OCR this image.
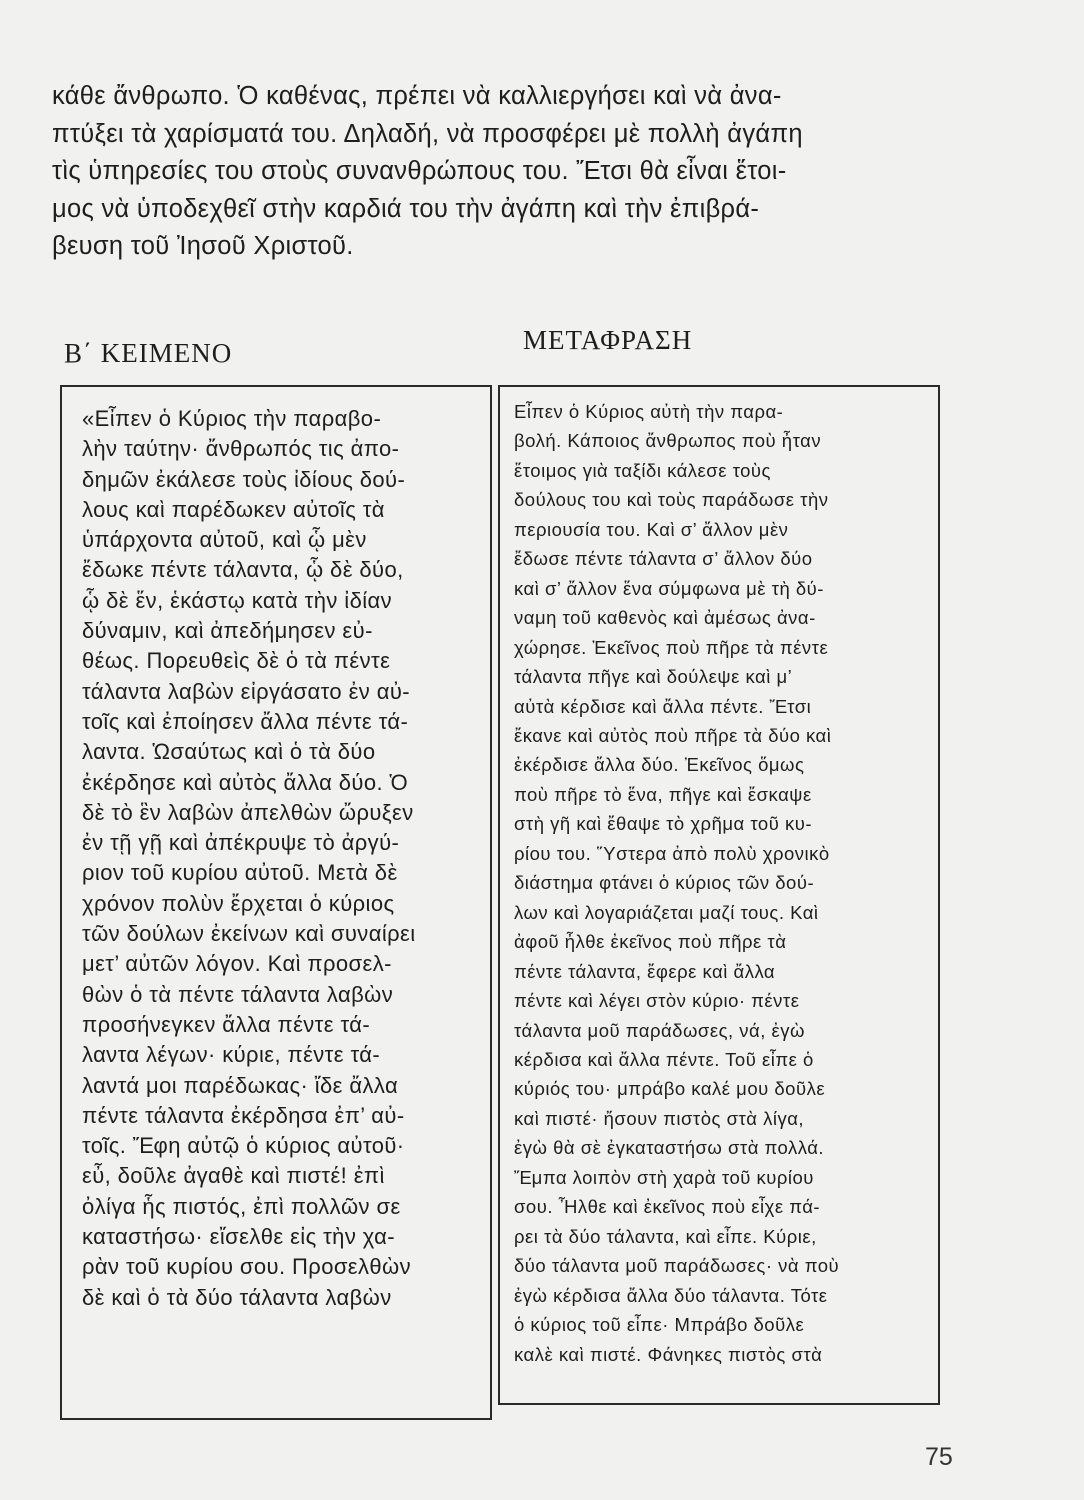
κάθε ἄνθρωπο. Ὁ καθένας, πρέπει νὰ καλλιεργήσει καὶ νὰ ἀνα-
πτύξει τὰ χαρίσματά του. Δηλαδή, νὰ προσφέρει μὲ πολλὴ ἀγάπη
τὶς ὑπηρεσίες του στοὺς συνανθρώπους του. Ἔτσι θὰ εἶναι ἕτοι-
μος νὰ ὑποδεχθεῖ στὴν καρδιά του τὴν ἀγάπη καὶ τὴν ἐπιβρά-
βευση τοῦ Ἰησοῦ Χριστοῦ.
Β΄ ΚΕΙΜΕΝΟ	ΜΕΤΑΦΡΑΣΗ
«Εἶπεν ὁ Κύριος τὴν παραβο-
λὴν ταύτην· ἄνθρωπός τις ἀπο-
δημῶν ἐκάλεσε τοὺς ἰδίους δού-
λους καὶ παρέδωκεν αὐτοῖς τὰ
ὑπάρχοντα αὐτοῦ, καὶ ᾧ μὲν
ἔδωκε πέντε τάλαντα, ᾧ δὲ δύο,
ᾧ δὲ ἕν, ἑκάστῳ κατὰ τὴν ἰδίαν
δύναμιν, καὶ ἀπεδήμησεν εὐ-
θέως. Πορευθεὶς δὲ ὁ τὰ πέντε
τάλαντα λαβὼν εἰργάσατο ἐν αὐ-
τοῖς καὶ ἐποίησεν ἄλλα πέντε τά-
λαντα. Ὡσαύτως καὶ ὁ τὰ δύο
ἐκέρδησε καὶ αὐτὸς ἄλλα δύο. Ὁ
δὲ τὸ ἓν λαβὼν ἀπελθὼν ὤρυξεν
ἐν τῇ γῇ καὶ ἀπέκρυψε τὸ ἀργύ-
ριον τοῦ κυρίου αὐτοῦ. Μετὰ δὲ
χρόνον πολὺν ἔρχεται ὁ κύριος
τῶν δούλων ἐκείνων καὶ συναίρει
μετ’ αὐτῶν λόγον. Καὶ προσελ-
θὼν ὁ τὰ πέντε τάλαντα λαβὼν
προσήνεγκεν ἄλλα πέντε τά-
λαντα λέγων· κύριε, πέντε τά-
λαντά μοι παρέδωκας· ἴδε ἄλλα
πέντε τάλαντα ἐκέρδησα ἐπ’ αὐ-
τοῖς. Ἔφη αὐτῷ ὁ κύριος αὐτοῦ·
εὖ, δοῦλε ἀγαθὲ καὶ πιστέ! ἐπὶ
ὀλίγα ἧς πιστός, ἐπὶ πολλῶν σε
καταστήσω· εἴσελθε εἰς τὴν χα-
ρὰν τοῦ κυρίου σου. Προσελθὼν
δὲ καὶ ὁ τὰ δύο τάλαντα λαβὼν
Εἶπεν ὁ Κύριος αὐτὴ τὴν παρα-
βολή. Κάποιος ἄνθρωπος ποὺ ἦταν
ἕτοιμος γιὰ ταξίδι κάλεσε τοὺς
δούλους του καὶ τοὺς παράδωσε τὴν
περιουσία του. Καὶ σ’ ἄλλον μὲν
ἔδωσε πέντε τάλαντα σ’ ἄλλον δύο
καὶ σ’ ἄλλον ἕνα σύμφωνα μὲ τὴ δύ-
ναμη τοῦ καθενὸς καὶ ἀμέσως ἀνα-
χώρησε. Ἐκεῖνος ποὺ πῆρε τὰ πέντε
τάλαντα πῆγε καὶ δούλεψε καὶ μ’
αὐτὰ κέρδισε καὶ ἄλλα πέντε. Ἔτσι
ἔκανε καὶ αὐτὸς ποὺ πῆρε τὰ δύο καὶ
ἐκέρδισε ἄλλα δύο. Ἐκεῖνος ὅμως
ποὺ πῆρε τὸ ἕνα, πῆγε καὶ ἔσκαψε
στὴ γῆ καὶ ἔθαψε τὸ χρῆμα τοῦ κυ-
ρίου του. Ὕστερα ἀπὸ πολὺ χρονικὸ
διάστημα φτάνει ὁ κύριος τῶν δού-
λων καὶ λογαριάζεται μαζί τους. Καὶ
ἀφοῦ ἦλθε ἐκεῖνος ποὺ πῆρε τὰ
πέντε τάλαντα, ἔφερε καὶ ἄλλα
πέντε καὶ λέγει στὸν κύριο· πέντε
τάλαντα μοῦ παράδωσες, νά, ἐγὼ
κέρδισα καὶ ἄλλα πέντε. Τοῦ εἶπε ὁ
κύριός του· μπράβο καλέ μου δοῦλε
καὶ πιστέ· ἤσουν πιστὸς στὰ λίγα,
ἐγὼ θὰ σὲ ἐγκαταστήσω στὰ πολλά.
Ἔμπα λοιπὸν στὴ χαρὰ τοῦ κυρίου
σου. Ἦλθε καὶ ἐκεῖνος ποὺ εἶχε πά-
ρει τὰ δύο τάλαντα, καὶ εἶπε. Κύριε,
δύο τάλαντα μοῦ παράδωσες· νὰ ποὺ
ἐγὼ κέρδισα ἄλλα δύο τάλαντα. Τότε
ὁ κύριος τοῦ εἶπε· Μπράβο δοῦλε
καλὲ καὶ πιστέ. Φάνηκες πιστὸς στὰ
75
